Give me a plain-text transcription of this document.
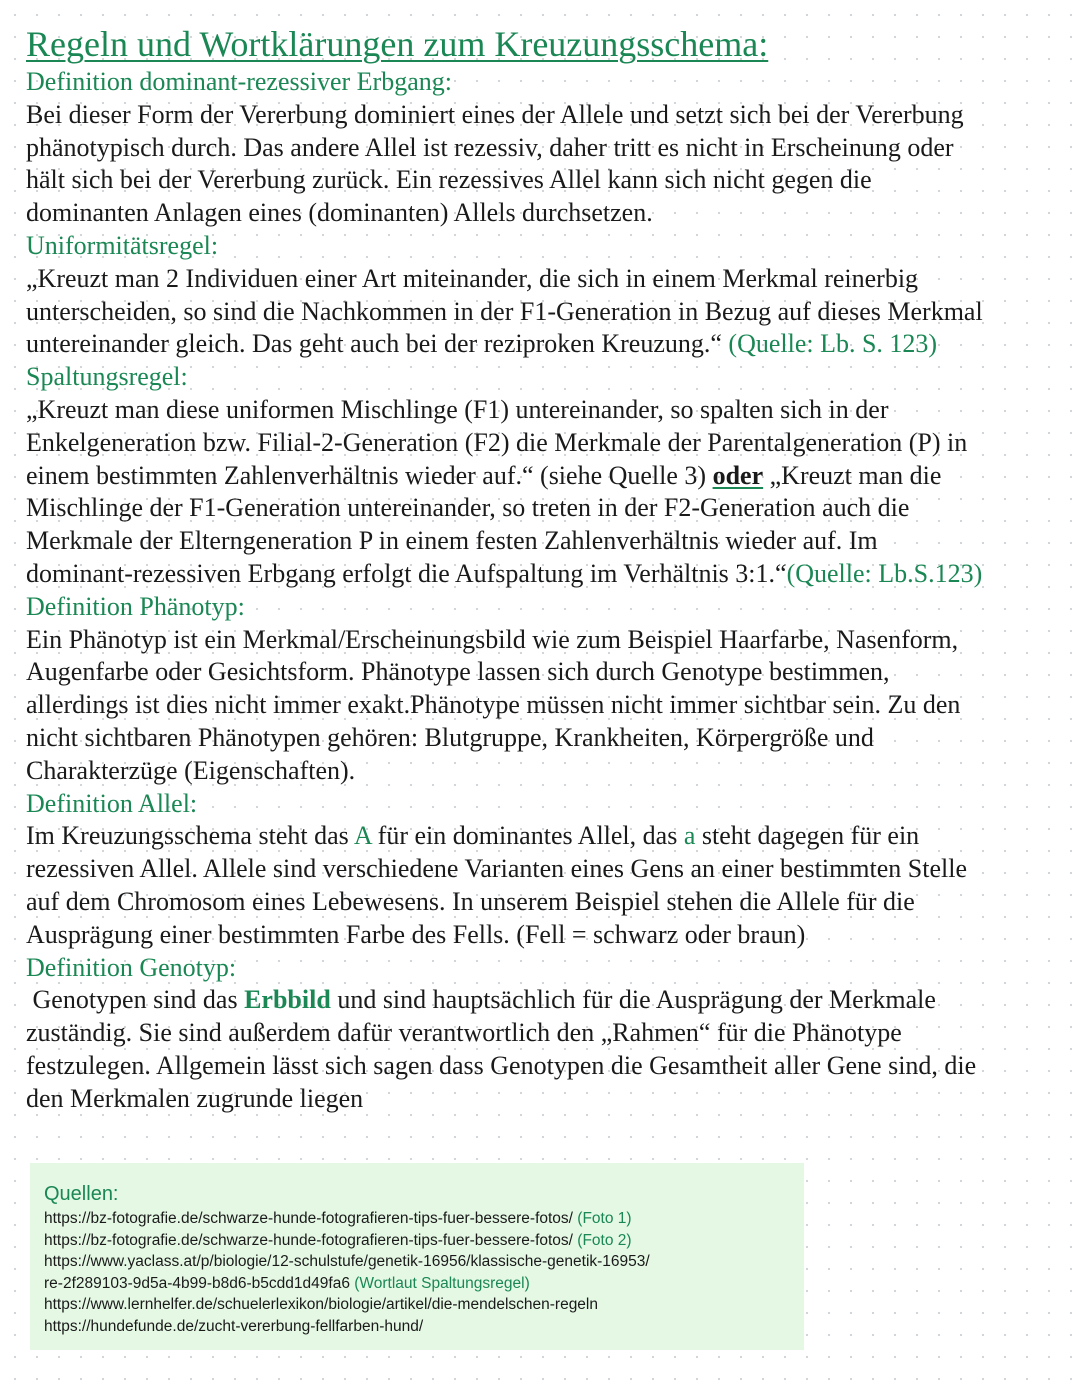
Regeln und Wortklärungen zum Kreuzungsschema:
Definition dominant-rezessiver Erbgang:

Bei dieser Form der Vererbung dominiert eines der Allele und setzt sich bei der Vererbung
phänotypisch durch. Das andere Allel ist rezessiv, daher tritt es nicht in Erscheinung oder
hält sich bei der Vererbung zurück. Ein rezessives Allel kann sich nicht gegen die
dominanten Anlagen eines (dominanten) Allels durchsetzen.

Uniformitätsregel:

„Kreuzt man 2 Individuen einer Art miteinander, die sich in einem Merkmal reinerbig
unterscheiden, so sind die Nachkommen in der F1-Generation in Bezug auf dieses Merkmal
untereinander gleich. Das geht auch bei der reziproken Kreuzung.“ (Quelle: Lb. S. 123)

Spaltungsregel:

„Kreuzt man diese uniformen Mischlinge (F1) untereinander, so spalten sich in der
Enkelgeneration bzw. Filial-2-Generation (F2) die Merkmale der Parentalgeneration (P) in
einem bestimmten Zahlenverhältnis wieder auf.“ (siehe Quelle 3) oder „Kreuzt man die
Mischlinge der F1-Generation untereinander, so treten in der F2-Generation auch die
Merkmale der Elterngeneration P in einem festen Zahlenverhältnis wieder auf. Im
dominant-rezessiven Erbgang erfolgt die Aufspaltung im Verhältnis 3:1.“(Quelle: Lb.S.123)

Definition Phänotyp:

Ein Phänotyp ist ein Merkmal/Erscheinungsbild wie zum Beispiel Haarfarbe, Nasenform,
Augenfarbe oder Gesichtsform. Phänotype lassen sich durch Genotype bestimmen,
allerdings ist dies nicht immer exakt.Phänotype müssen nicht immer sichtbar sein. Zu den
nicht sichtbaren Phänotypen gehören: Blutgruppe, Krankheiten, Körpergröße und
Charakterzüge (Eigenschaften).

Definition Allel:

Im Kreuzungsschema steht das A für ein dominantes Allel, das a steht dagegen für ein
rezessiven Allel. Allele sind verschiedene Varianten eines Gens an einer bestimmten Stelle
auf dem Chromosom eines Lebewesens. In unserem Beispiel stehen die Allele für die
Ausprägung einer bestimmten Farbe des Fells. (Fell = schwarz oder braun)

Definition Genotyp:

Genotypen sind das Erbbild und sind hauptsächlich für die Ausprägung der Merkmale
zuständig. Sie sind außerdem dafür verantwortlich den „Rahmen“ für die Phänotype
festzulegen. Allgemein lässt sich sagen dass Genotypen die Gesamtheit aller Gene sind, die
den Merkmalen zugrunde liegen

Quellen:
https://bz-fotografie.de/schwarze-hunde-fotografieren-tips-fuer-bessere-fotos/ (Foto 1)
https://bz-fotografie.de/schwarze-hunde-fotografieren-tips-fuer-bessere-fotos/ (Foto 2)
https://www.yaclass.at/p/biologie/12-schulstufe/genetik-16956/klassische-genetik-16953/
re-2f289103-9d5a-4b99-b8d6-b5cdd1d49fa6 (Wortlaut Spaltungsregel)
https://www.lernhelfer.de/schuelerlexikon/biologie/artikel/die-mendelschen-regeln
https://hundefunde.de/zucht-vererbung-fellfarben-hund/
